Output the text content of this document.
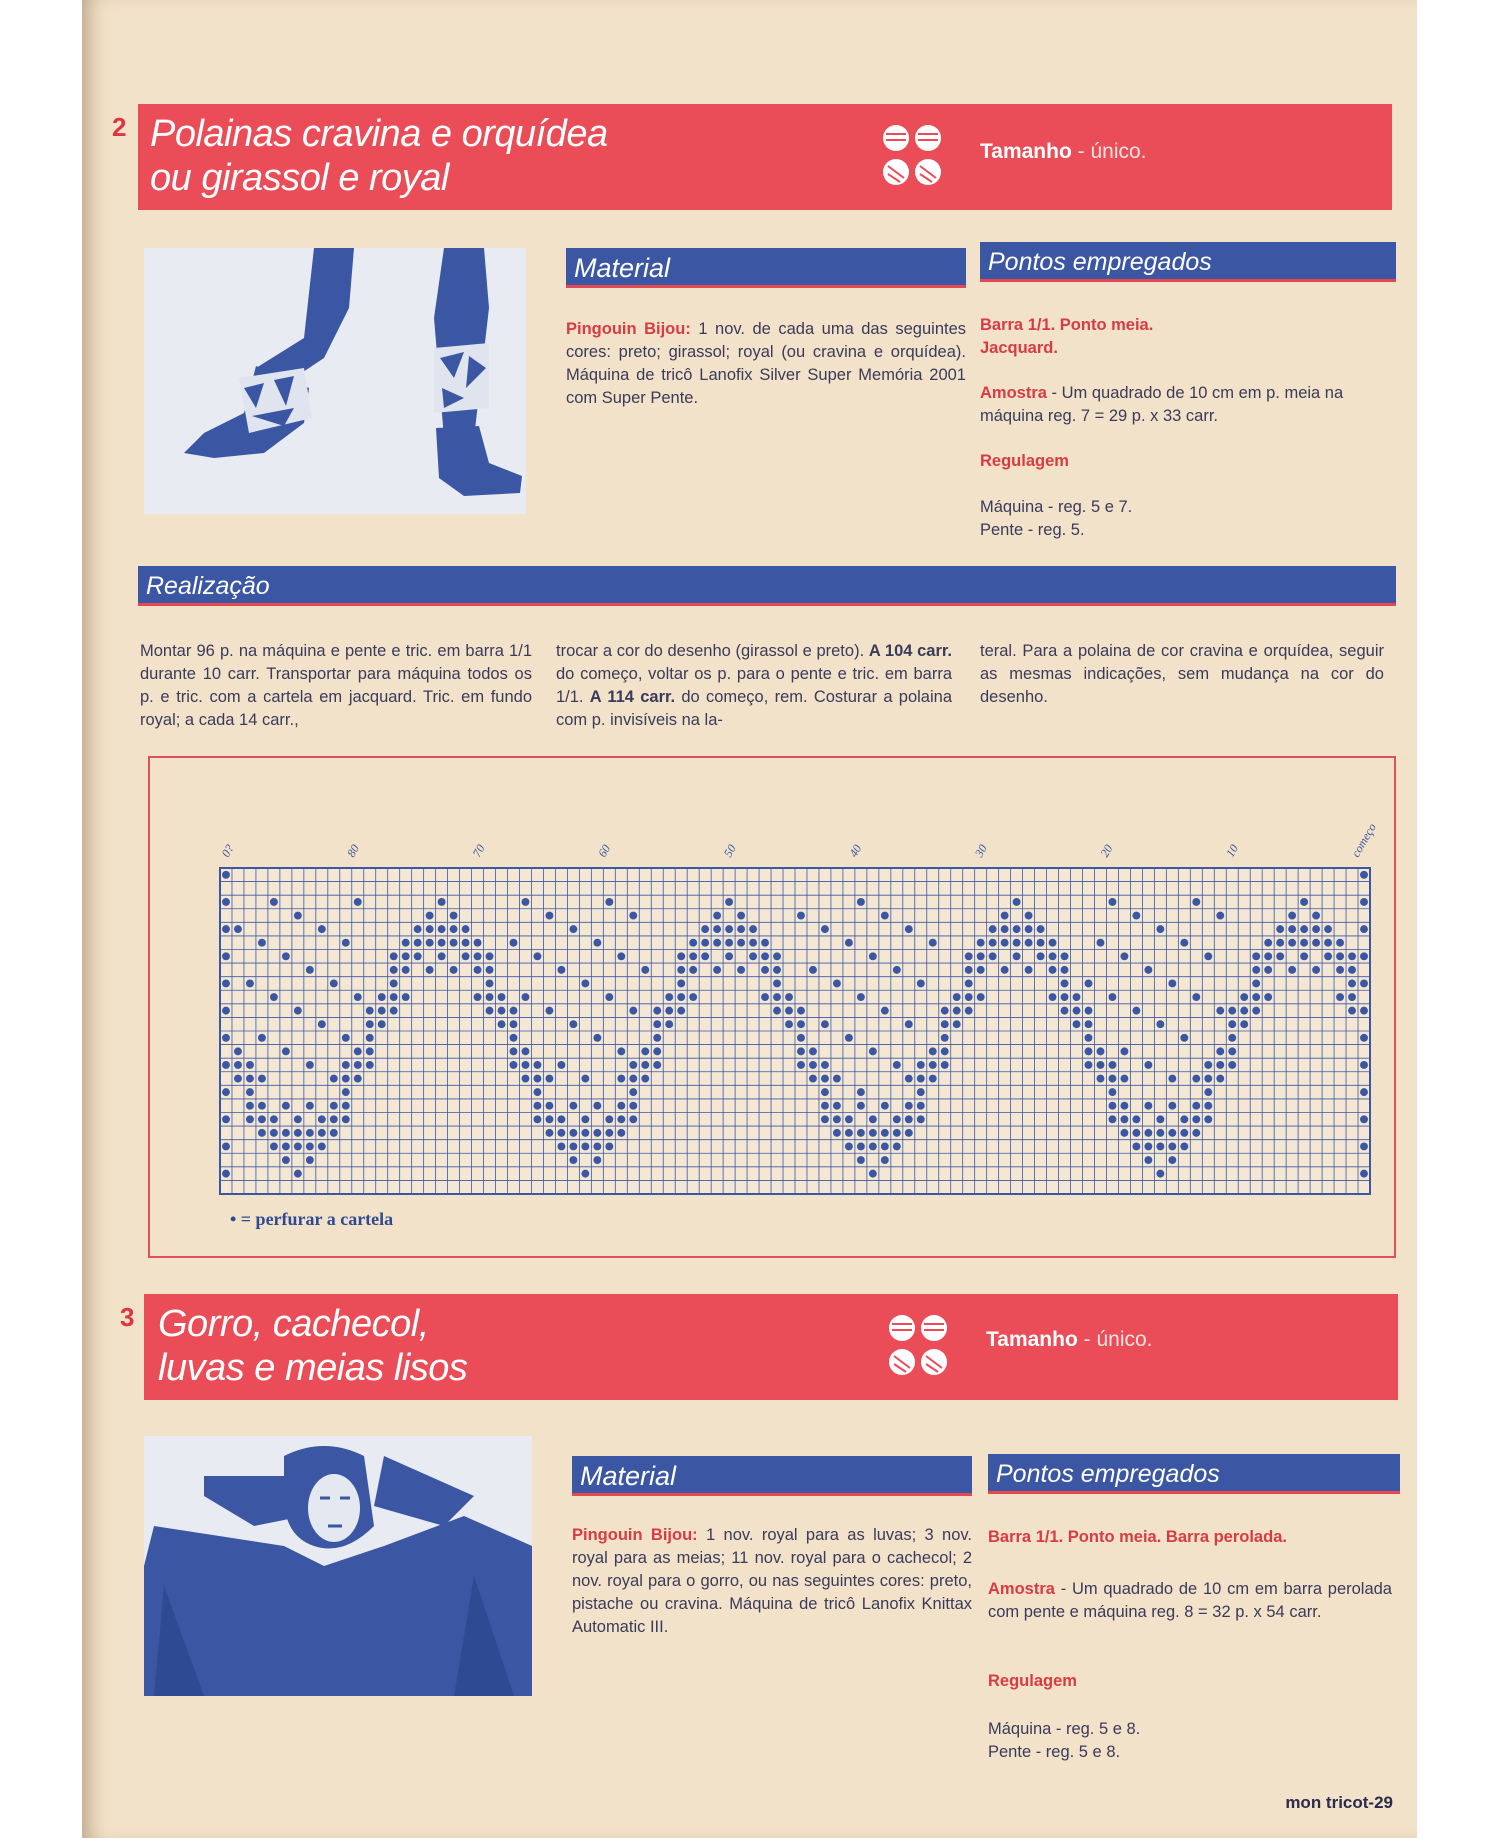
2 Polainas cravina e orquídea
ou girassol e royal
Tamanho - único.
Material
Pingouin Bijou: 1 nov. de cada uma das seguintes cores: preto; girassol; royal (ou cravina e orquídea). Máquina de tricô Lanofix Silver Super Memória 2001 com Super Pente.
Pontos empregados
Barra 1/1. Ponto meia. Jacquard.
Amostra - Um quadrado de 10 cm em p. meia na máquina reg. 7 = 29 p. x 33 carr.
Regulagem
Máquina - reg. 5 e 7.
Pente - reg. 5.
Realização
Montar 96 p. na máquina e pente e tric. em barra 1/1 durante 10 carr. Transportar para máquina todos os p. e tric. com a cartela em jacquard. Tric. em fundo royal; a cada 14 carr.,
trocar a cor do desenho (girassol e preto). A 104 carr. do começo, voltar os p. para o pente e tric. em barra 1/1. A 114 carr. do começo, rem. Costurar a polaina com p. invisíveis na la-
teral. Para a polaina de cor cravina e orquídea, seguir as mesmas indicações, sem mudança na cor do desenho.
0?	80	70	60	50	40	30	20	10	começo
• = perfurar a cartela
3 Gorro, cachecol,
luvas e meias lisos
Tamanho - único.
Material
Pingouin Bijou: 1 nov. royal para as luvas; 3 nov. royal para as meias; 11 nov. royal para o cachecol; 2 nov. royal para o gorro, ou nas seguintes cores: preto, pistache ou cravina. Máquina de tricô Lanofix Knittax Automatic III.
Pontos empregados
Barra 1/1. Ponto meia. Barra perolada.
Amostra - Um quadrado de 10 cm em barra perolada com pente e máquina reg. 8 = 32 p. x 54 carr.
Regulagem
Máquina - reg. 5 e 8.
Pente - reg. 5 e 8.
mon tricot-29
